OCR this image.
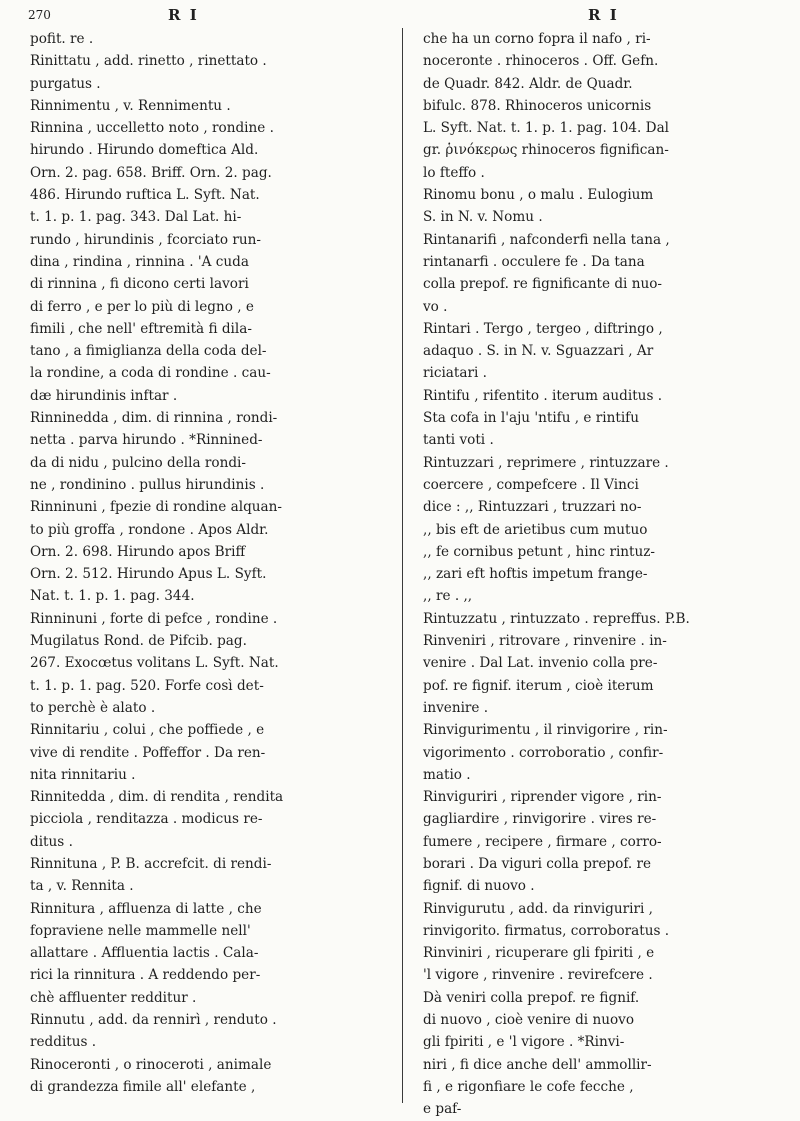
270	R I	R I
pofit. re .
Rinittatu , add. rinetto , rinettato .
purgatus .
Rinnimentu , v. Rennimentu .
Rinnina , uccelletto noto , rondine .
hirundo . Hirundo domeftica Ald.
Orn. 2. pag. 658. Briff. Orn. 2. pag.
486. Hirundo ruftica L. Syft. Nat.
t. 1. p. 1. pag. 343. Dal Lat. hi-
rundo , hirundinis , fcorciato run-
dina , rindina , rinnina . 'A cuda
di rinnina , fi dicono certi lavori
di ferro , e per lo più di legno , e
fimili , che nell' eftremità fi dila-
tano , a fimiglianza della coda del-
la rondine, a coda di rondine . cau-
dæ hirundinis inftar .
Rinninedda , dim. di rinnina , rondi-
netta . parva hirundo . *Rinnined-
da di nidu , pulcino della rondi-
ne , rondinino . pullus hirundinis .
Rinninuni , fpezie di rondine alquan-
to più groffa , rondone . Apos Aldr.
Orn. 2. 698. Hirundo apos Briff
Orn. 2. 512. Hirundo Apus L. Syft.
Nat. t. 1. p. 1. pag. 344.
Rinninuni , forte di pefce , rondine .
Mugilatus Rond. de Pifcib. pag.
267. Exocœtus volitans L. Syft. Nat.
t. 1. p. 1. pag. 520. Forfe così det-
to perchè è alato .
Rinnitariu , colui , che poffiede , e
vive di rendite . Poffeffor . Da ren-
nita rinnitariu .
Rinnitedda , dim. di rendita , rendita
picciola , renditazza . modicus re-
ditus .
Rinnituna , P. B. accrefcit. di rendi-
ta , v. Rennita .
Rinnitura , affluenza di latte , che
fopraviene nelle mammelle nell'
allattare . Affluentia lactis . Cala-
rici la rinnitura . A reddendo per-
chè affluenter redditur .
Rinnutu , add. da rennirì , renduto .
redditus .
Rinoceronti , o rinoceroti , animale
di grandezza fimile all' elefante ,
che ha un corno fopra il nafo , ri-
noceronte . rhinoceros . Off. Gefn.
de Quadr. 842. Aldr. de Quadr.
bifulc. 878. Rhinoceros unicornis
L. Syft. Nat. t. 1. p. 1. pag. 104. Dal
gr. ῥινόκερως rhinoceros fignifican-
lo fteffo .
Rinomu bonu , o malu . Eulogium
S. in N. v. Nomu .
Rintanarifi , nafconderfi nella tana ,
rintanarfi . occulere fe . Da tana
colla prepof. re fignificante di nuo-
vo .
Rintari . Tergo , tergeo , diftringo ,
adaquo . S. in N. v. Sguazzari , Ar
riciatari .
Rintifu , rifentito . iterum auditus .
Sta cofa in l'aju 'ntifu , e rintifu
tanti voti .
Rintuzzari , reprimere , rintuzzare .
coercere , compefcere . Il Vinci
dice : ,, Rintuzzari , truzzari no-
,, bis eft de arietibus cum mutuo
,, fe cornibus petunt , hinc rintuz-
,, zari eft hoftis impetum frange-
,, re . ,,
Rintuzzatu , rintuzzato . repreffus. P.B.
Rinveniri , ritrovare , rinvenire . in-
venire . Dal Lat. invenio colla pre-
pof. re fignif. iterum , cioè iterum
invenire .
Rinvigurimentu , il rinvigorire , rin-
vigorimento . corroboratio , confir-
matio .
Rinviguriri , riprender vigore , rin-
gagliardire , rinvigorire . vires re-
fumere , recipere , firmare , corro-
borari . Da viguri colla prepof. re
fignif. di nuovo .
Rinvigurutu , add. da rinviguriri ,
rinvigorito. firmatus, corroboratus .
Rinviniri , ricuperare gli fpiriti , e
'l vigore , rinvenire . revirefcere .
Dà veniri colla prepof. re fignif.
di nuovo , cioè venire di nuovo
gli fpiriti , e 'l vigore . *Rinvi-
niri , fi dice anche dell' ammollir-
fi , e rigonfiare le cofe fecche ,
e paf-
